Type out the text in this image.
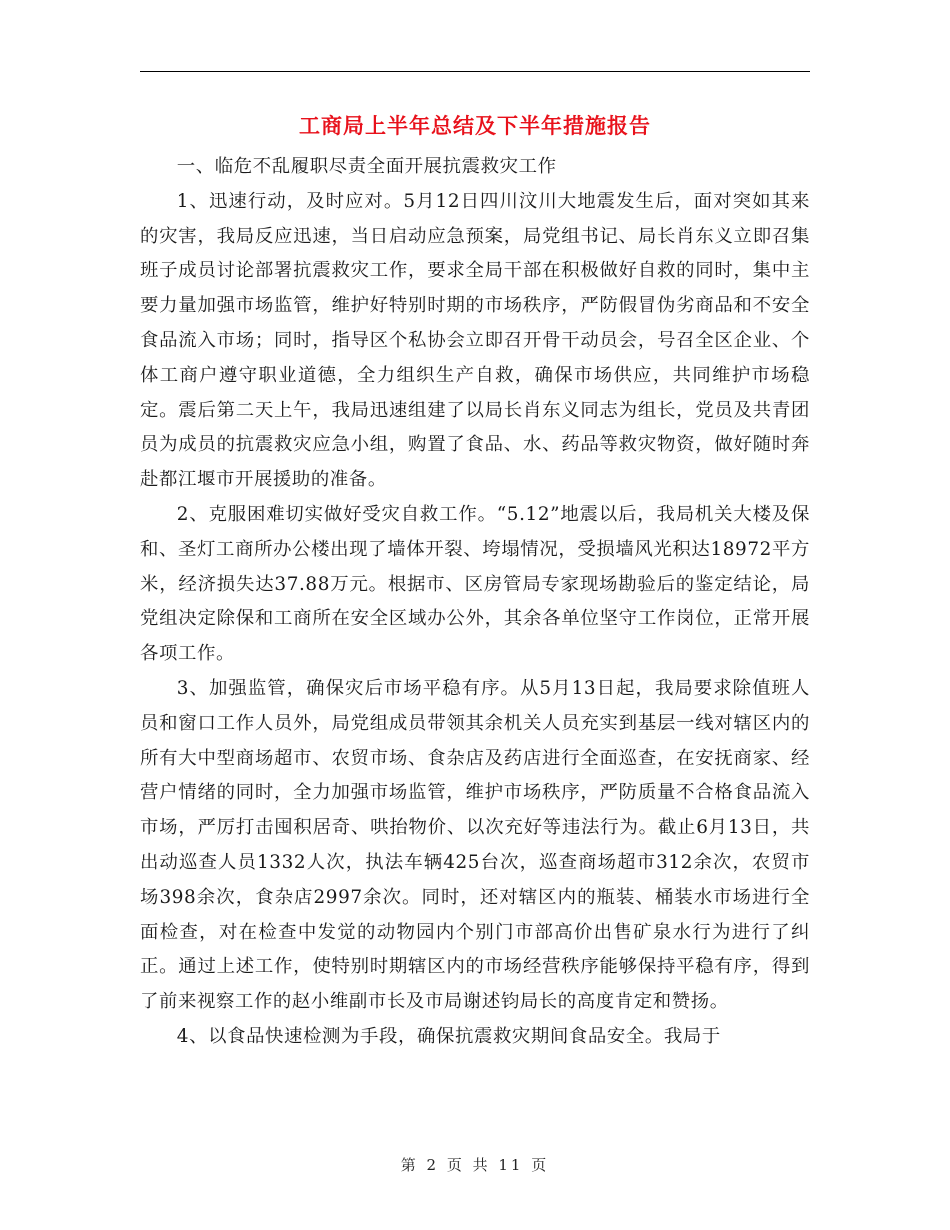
工商局上半年总结及下半年措施报告

一、临危不乱履职尽责全面开展抗震救灾工作

1、迅速行动，及时应对。5月12日四川汶川大地震发生后，面对突如其来的灾害，我局反应迅速，当日启动应急预案，局党组书记、局长肖东义立即召集班子成员讨论部署抗震救灾工作，要求全局干部在积极做好自救的同时，集中主要力量加强市场监管，维护好特别时期的市场秩序，严防假冒伪劣商品和不安全食品流入市场；同时，指导区个私协会立即召开骨干动员会，号召全区企业、个体工商户遵守职业道德，全力组织生产自救，确保市场供应，共同维护市场稳定。震后第二天上午，我局迅速组建了以局长肖东义同志为组长，党员及共青团员为成员的抗震救灾应急小组，购置了食品、水、药品等救灾物资，做好随时奔赴都江堰市开展援助的准备。

2、克服困难切实做好受灾自救工作。“5.12”地震以后，我局机关大楼及保和、圣灯工商所办公楼出现了墙体开裂、垮塌情况，受损墙风光积达18972平方米，经济损失达37.88万元。根据市、区房管局专家现场勘验后的鉴定结论，局党组决定除保和工商所在安全区域办公外，其余各单位坚守工作岗位，正常开展各项工作。

3、加强监管，确保灾后市场平稳有序。从5月13日起，我局要求除值班人员和窗口工作人员外，局党组成员带领其余机关人员充实到基层一线对辖区内的所有大中型商场超市、农贸市场、食杂店及药店进行全面巡查，在安抚商家、经营户情绪的同时，全力加强市场监管，维护市场秩序，严防质量不合格食品流入市场，严厉打击囤积居奇、哄抬物价、以次充好等违法行为。截止6月13日，共出动巡查人员1332人次，执法车辆425台次，巡查商场超市312余次，农贸市场398余次，食杂店2997余次。同时，还对辖区内的瓶装、桶装水市场进行全面检查，对在检查中发觉的动物园内个别门市部高价出售矿泉水行为进行了纠正。通过上述工作，使特别时期辖区内的市场经营秩序能够保持平稳有序，得到了前来视察工作的赵小维副市长及市局谢述钧局长的高度肯定和赞扬。

4、以食品快速检测为手段，确保抗震救灾期间食品安全。我局于

第 2 页 共 11 页
